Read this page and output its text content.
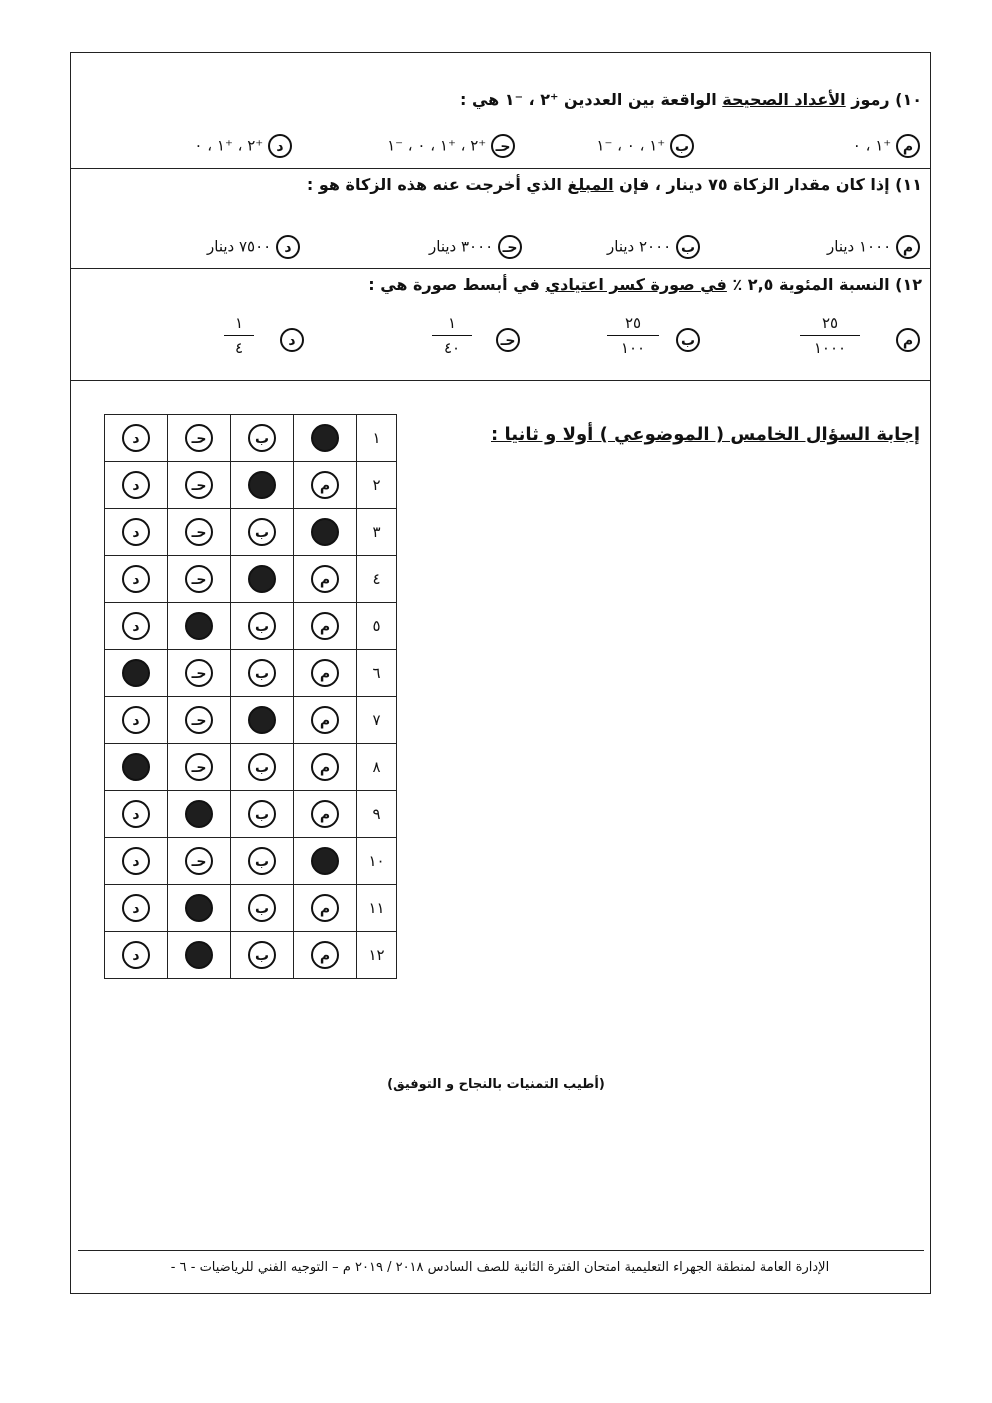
١٠) رموز الأعداد الصحيحة الواقعة بين العددين ⁺٢ ، ⁻١ هي :
م ⁺١ ، ٠
ب ⁺١ ، ٠ ، ⁻١
حـ ⁺٢ ، ⁺١ ، ٠ ، ⁻١
د ⁺٢ ، ⁺١ ، ٠
١١) إذا كان مقدار الزكاة ٧٥ دينار ، فإن المبلغ الذي أخرجت عنه هذه الزكاة هو :
م ١٠٠٠ دينار
ب ٢٠٠٠ دينار
حـ ٣٠٠٠ دينار
د ٧٥٠٠ دينار
١٢) النسبة المئوية ٢,٥ ٪ في صورة كسر اعتيادي في أبسط صورة هي :
م
٢٥
١٠٠٠
ب
٢٥
١٠٠
حـ
١
٤٠
د
١
٤
إجابة السؤال الخامس ( الموضوعي ) أولا و ثانيا :
د	حـ	ب		١
د	حـ		م	٢
د	حـ	ب		٣
د	حـ		م	٤
د		ب	م	٥
	حـ	ب	م	٦
د	حـ		م	٧
	حـ	ب	م	٨
د		ب	م	٩
د	حـ	ب		١٠
د		ب	م	١١
د		ب	م	١٢
(أطيب التمنيات بالنجاح و التوفيق)
الإدارة العامة لمنطقة الجهراء التعليمية امتحان الفترة الثانية للصف السادس ٢٠١٨ / ٢٠١٩ م – التوجيه الفني للرياضيات - ٦ -
